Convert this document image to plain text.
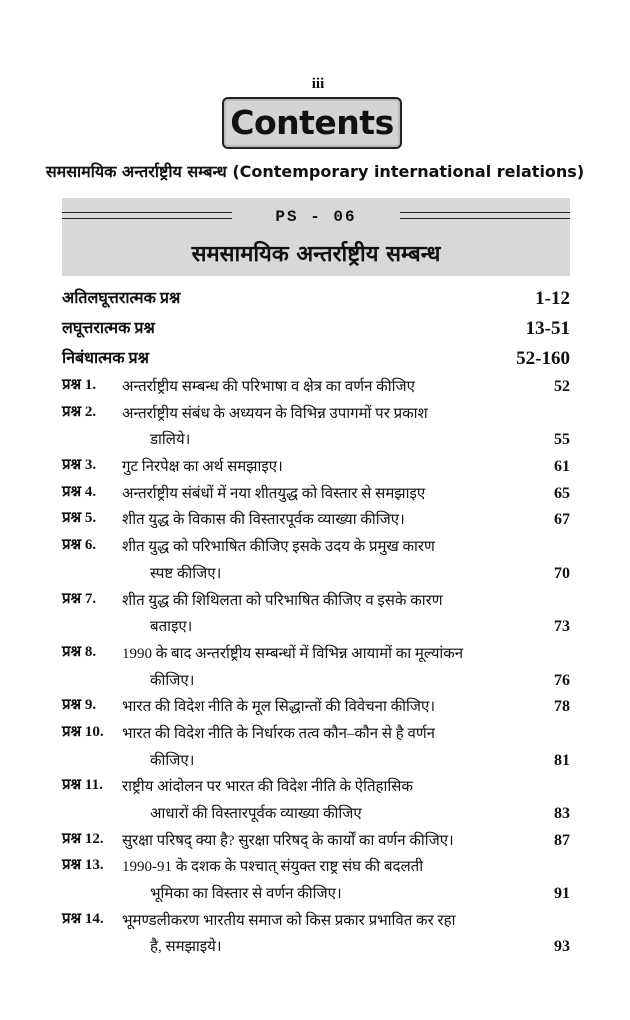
iii
Contents
समसामयिक अन्तर्राष्ट्रीय सम्बन्ध (Contemporary international relations)
PS - 06
समसामयिक अन्तर्राष्ट्रीय सम्बन्ध
अतिलघूत्तरात्मक प्रश्न	1-12
लघूत्तरात्मक प्रश्न	13-51
निबंधात्मक प्रश्न	52-160
प्रश्न 1.	अन्तर्राष्ट्रीय सम्बन्ध की परिभाषा व क्षेत्र का वर्णन कीजिए	52
प्रश्न 2.	अन्तर्राष्ट्रीय संबंध के अध्ययन के विभिन्न उपागमों पर प्रकाश
डालिये।	55
प्रश्न 3.	गुट निरपेक्ष का अर्थ समझाइए।	61
प्रश्न 4.	अन्तर्राष्ट्रीय संबंधों में नया शीतयुद्ध को विस्तार से समझाइए	65
प्रश्न 5.	शीत युद्ध के विकास की विस्तारपूर्वक व्याख्या कीजिए।	67
प्रश्न 6.	शीत युद्ध को परिभाषित कीजिए इसके उदय के प्रमुख कारण
स्पष्ट कीजिए।	70
प्रश्न 7.	शीत युद्ध की शिथिलता को परिभाषित कीजिए व इसके कारण
बताइए।	73
प्रश्न 8.	1990 के बाद अन्तर्राष्ट्रीय सम्बन्धों में विभिन्न आयामों का मूल्यांकन
कीजिए।	76
प्रश्न 9.	भारत की विदेश नीति के मूल सिद्धान्तों की विवेचना कीजिए।	78
प्रश्न 10.	भारत की विदेश नीति के निर्धारक तत्व कौन–कौन से है वर्णन
कीजिए।	81
प्रश्न 11.	राष्ट्रीय आंदोलन पर भारत की विदेश नीति के ऐतिहासिक
आधारों की विस्तारपूर्वक व्याख्या कीजिए	83
प्रश्न 12.	सुरक्षा परिषद् क्या है? सुरक्षा परिषद् के कार्यों का वर्णन कीजिए।	87
प्रश्न 13.	1990-91 के दशक के पश्चात् संयुक्त राष्ट्र संघ की बदलती
भूमिका का विस्तार से वर्णन कीजिए।	91
प्रश्न 14.	भूमण्डलीकरण भारतीय समाज को किस प्रकार प्रभावित कर रहा
है, समझाइये।	93
